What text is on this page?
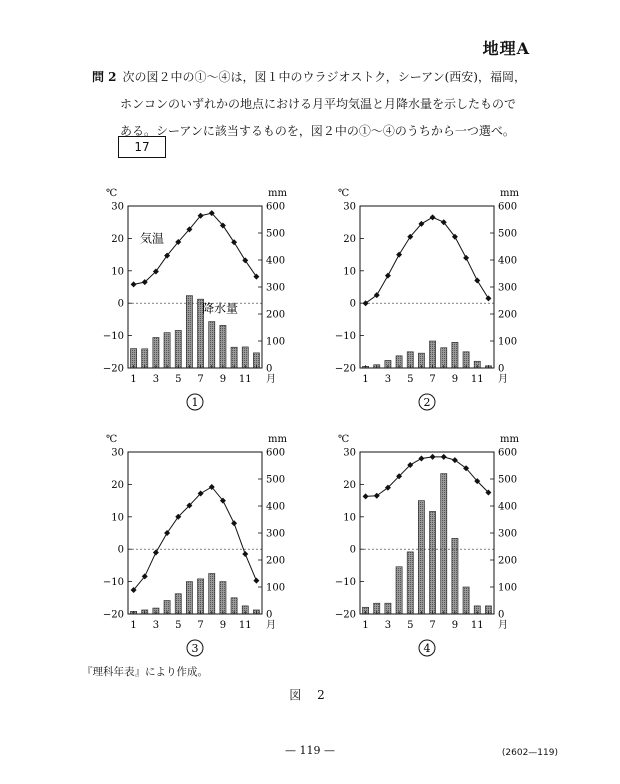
地理A
問 2 次の図２中の①～④は，図１中のウラジオストク，シーアン(西安)，福岡，
ホンコンのいずれかの地点における月平均気温と月降水量を示したもので
ある。シーアンに該当するものを，図２中の①～④のうちから一つ選べ。
17
℃	mm
30
20
10
0
−10
−20
600
500
400
300
200
100
0
1 3 5 7 9 11 月
気温
降水量
1
℃	mm
30
20
10
0
−10
−20
600
500
400
300
200
100
0
1 3 5 7 9 11 月
2
℃	mm
30
20
10
0
−10
−20
600
500
400
300
200
100
0
1 3 5 7 9 11 月
3
℃	mm
30
20
10
0
−10
−20
600
500
400
300
200
100
0
1 3 5 7 9 11 月
4
『理科年表』により作成。
図 2
— 119 —	(2602—119)
